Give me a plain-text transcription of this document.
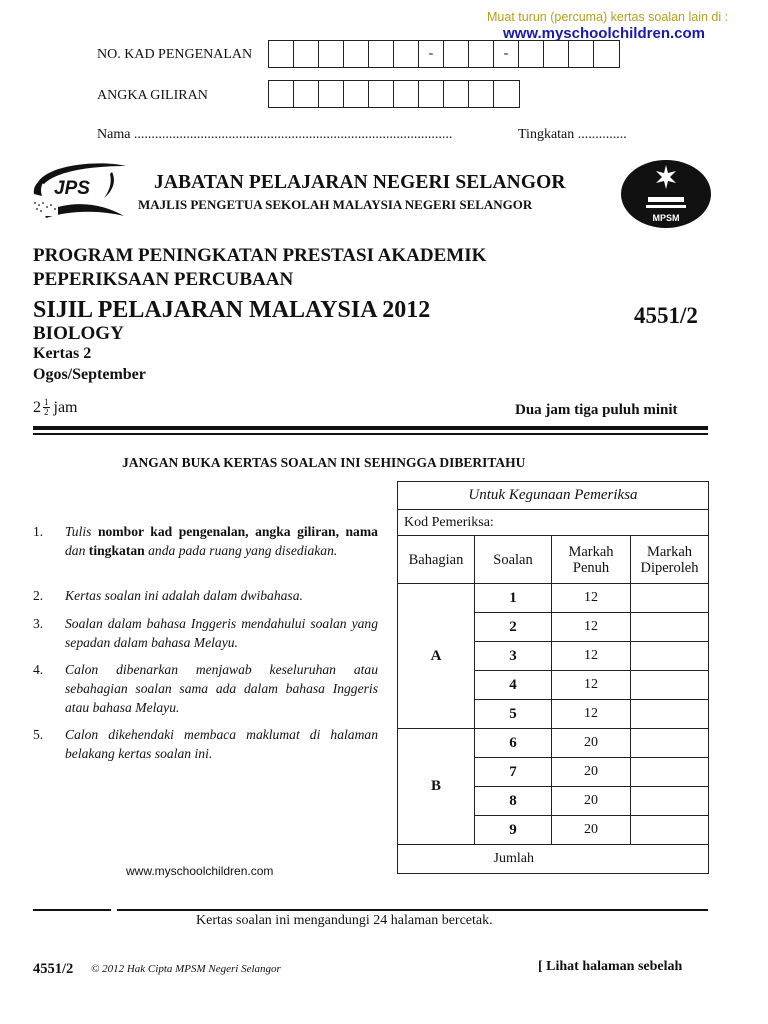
Muat turun (percuma) kertas soalan lain di :
www.myschoolchildren.com
NO. KAD PENGENALAN	-	-
ANGKA GILIRAN
Nama ...........................................................................................	Tingkatan ..............
JPS	JABATAN PELAJARAN NEGERI SELANGOR
MAJLIS PENGETUA SEKOLAH MALAYSIA NEGERI SELANGOR
MPSM
PROGRAM PENINGKATAN PRESTASI AKADEMIK
PEPERIKSAAN PERCUBAAN
SIJIL PELAJARAN MALAYSIA 2012	4551/2
BIOLOGY
Kertas 2
Ogos/September
$2 \frac{1}{2}$ jam	Dua jam tiga puluh minit
JANGAN BUKA KERTAS SOALAN INI SEHINGGA DIBERITAHU
1.	Tulis nombor kad pengenalan, angka giliran, nama dan tingkatan anda pada ruang yang disediakan.
2.	Kertas soalan ini adalah dalam dwibahasa.
3.	Soalan dalam bahasa Inggeris mendahului soalan yang sepadan dalam bahasa Melayu.
4.	Calon dibenarkan menjawab keseluruhan atau sebahagian soalan sama ada dalam bahasa Inggeris atau bahasa Melayu.
5.	Calon dikehendaki membaca maklumat di halaman belakang kertas soalan ini.
Untuk Kegunaan Pemeriksa			
Kod Pemeriksa:			
Bahagian	Soalan	Markah Penuh	Markah Diperoleh
A	1	12	
	2	12	
	3	12	
	4	12	
	5	12	
B	6	20	
	7	20	
	8	20	
	9	20	
		Jumlah	
www.myschoolchildren.com
Kertas soalan ini mengandungi 24 halaman bercetak.
4551/2 © 2012 Hak Cipta MPSM Negeri Selangor	[ Lihat halaman sebelah
